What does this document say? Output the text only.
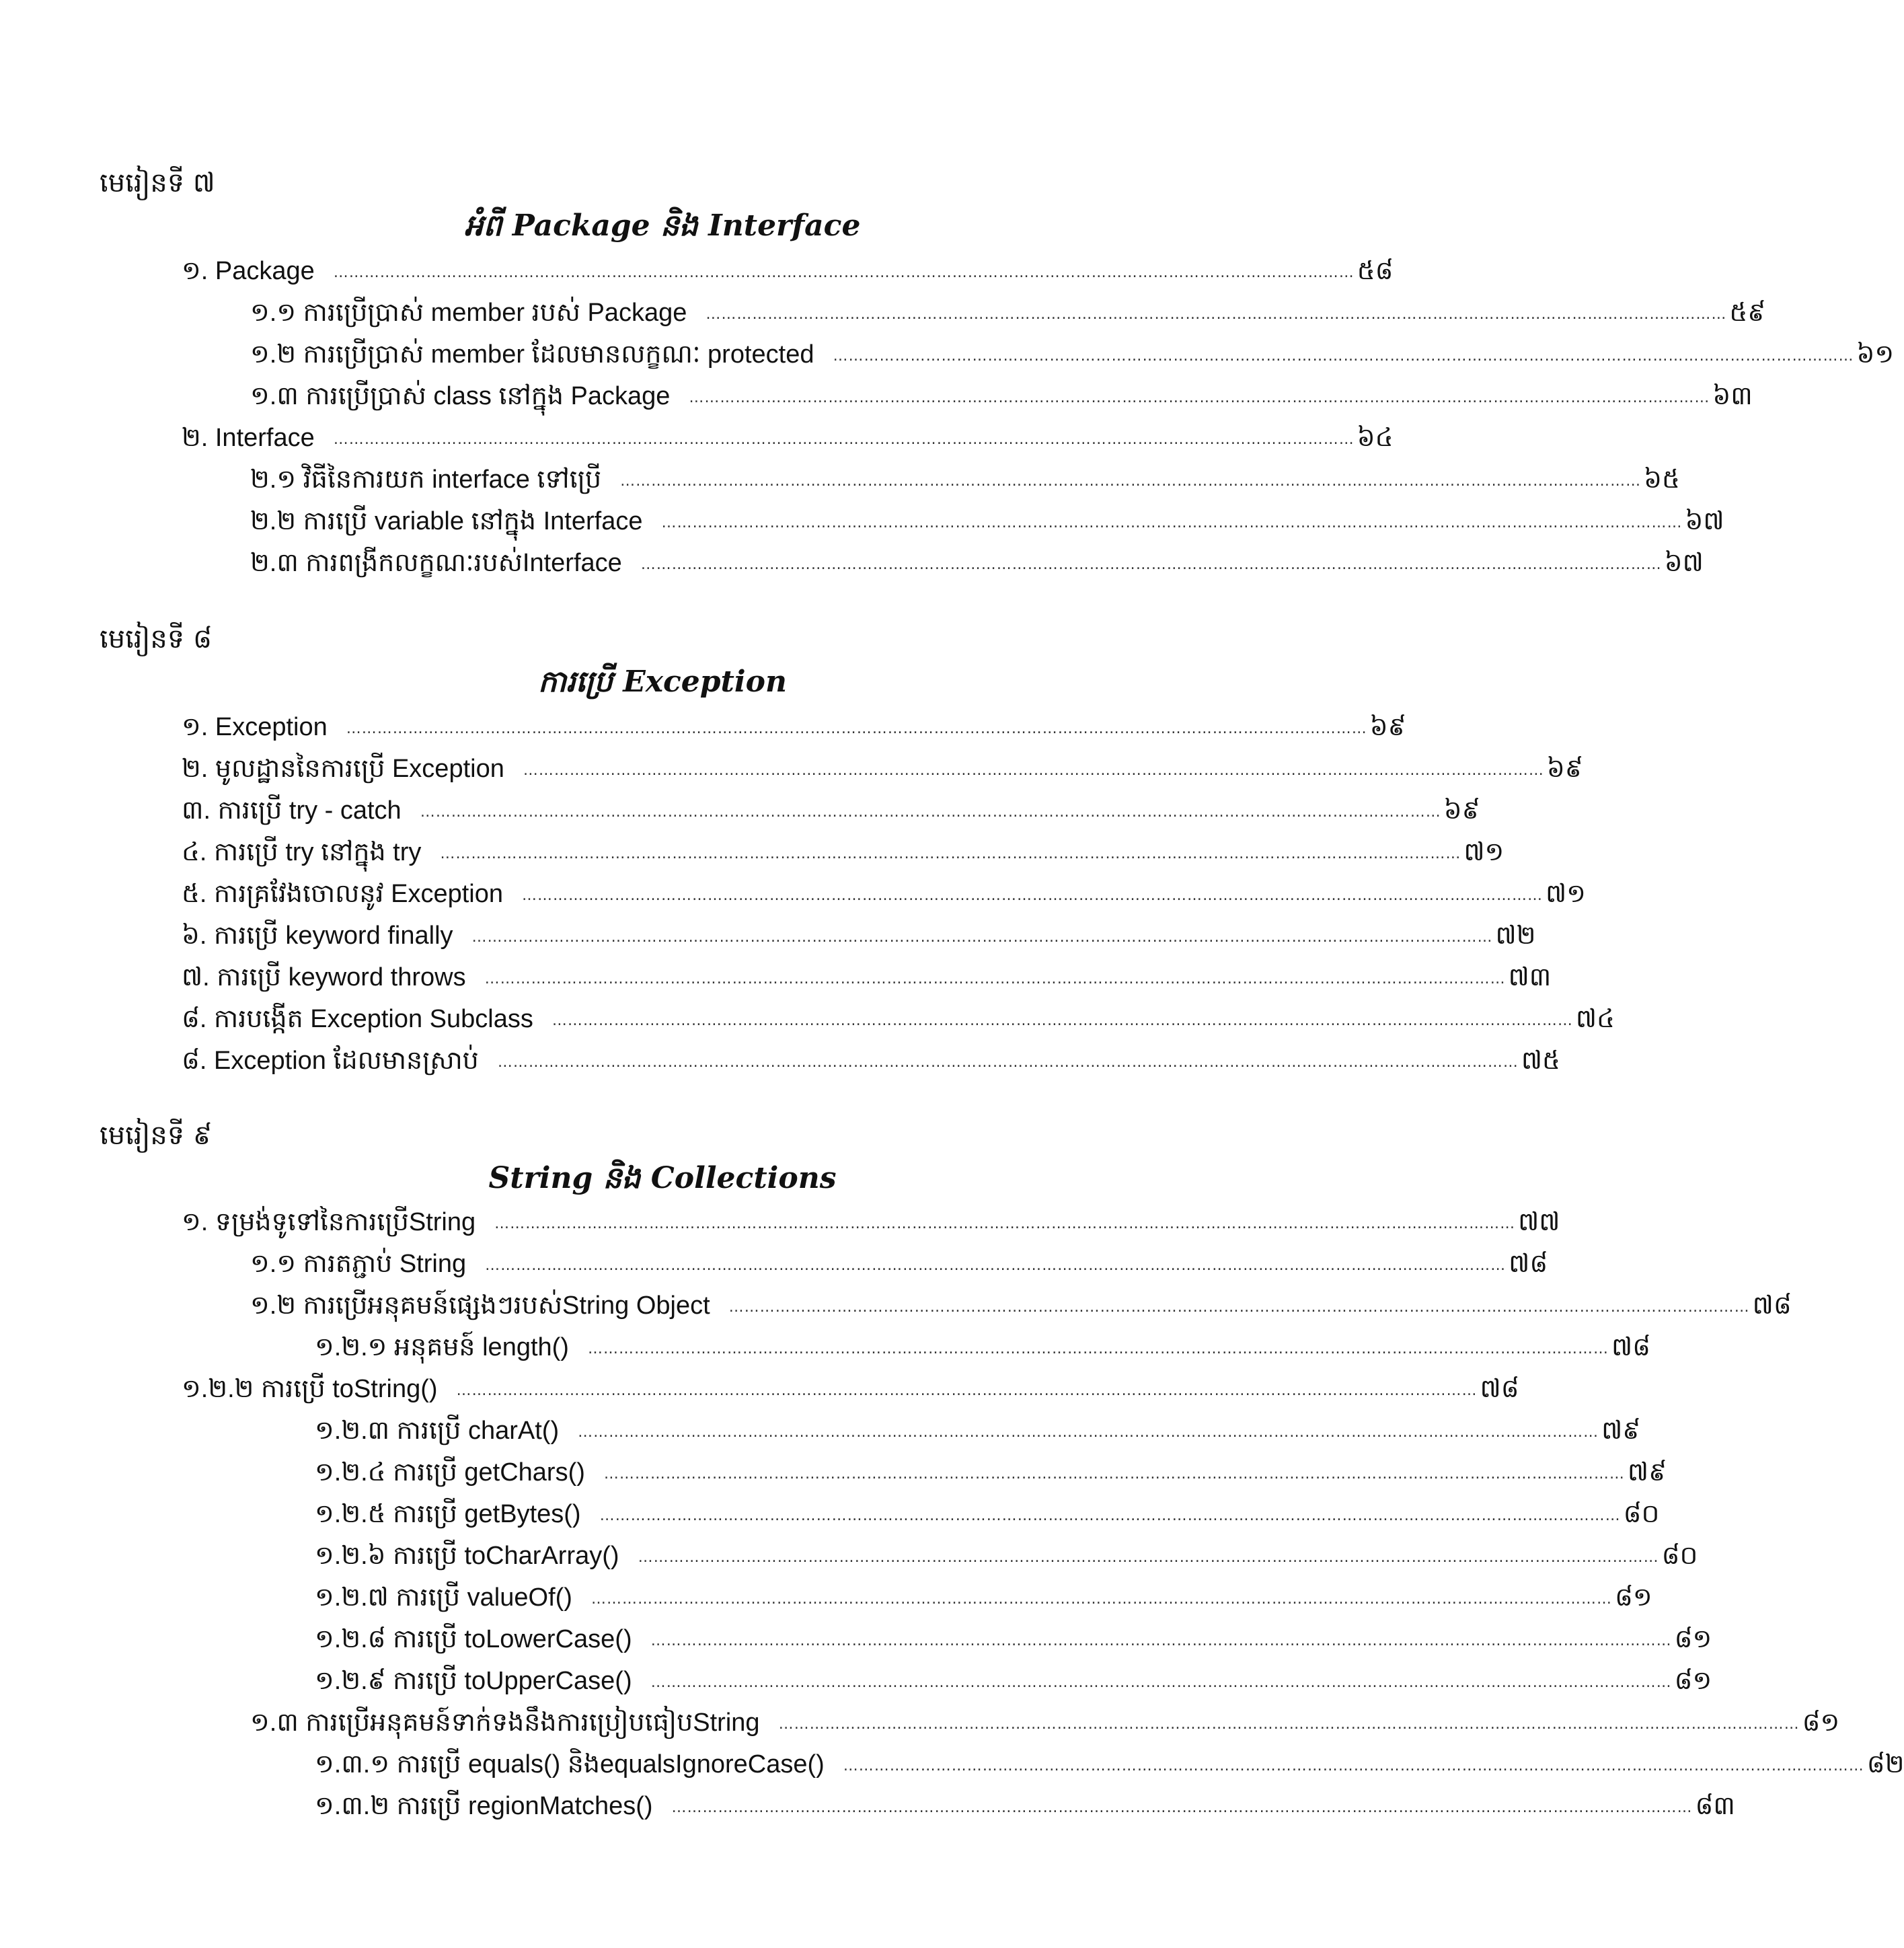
មេរៀនទី ៧
អំពី Package និង Interface
១. Package ……………………………………………………………………………………………………………………………………………………………………………… ៥៨
១.១ ការប្រើប្រាស់ member របស់ Package ……………………………………………………………………………………………………………………………………………………………………………… ៥៩
១.២ ការប្រើប្រាស់ member ដែលមានលក្ខណៈ protected ……………………………………………………………………………………………………………………………………………………………………………… ៦១
១.៣ ការប្រើប្រាស់ class នៅក្នុង Package ……………………………………………………………………………………………………………………………………………………………………………… ៦៣
២. Interface ……………………………………………………………………………………………………………………………………………………………………………… ៦៤
២.១ វិធីនៃការយក interface ទៅប្រើ ……………………………………………………………………………………………………………………………………………………………………………… ៦៥
២.២ ការប្រើ variable នៅក្នុង Interface ……………………………………………………………………………………………………………………………………………………………………………… ៦៧
២.៣ ការពង្រីកលក្ខណៈរបស់Interface ……………………………………………………………………………………………………………………………………………………………………………… ៦៧
មេរៀនទី ៨
ការប្រើ Exception
១. Exception ……………………………………………………………………………………………………………………………………………………………………………… ៦៩
២. មូលដ្ឋាននៃការប្រើ Exception ……………………………………………………………………………………………………………………………………………………………………………… ៦៩
៣. ការប្រើ try - catch ……………………………………………………………………………………………………………………………………………………………………………… ៦៩
៤. ការប្រើ try នៅក្នុង try ……………………………………………………………………………………………………………………………………………………………………………… ៧១
៥. ការគ្រវែងចោលនូវ Exception ……………………………………………………………………………………………………………………………………………………………………………… ៧១
៦. ការប្រើ keyword finally ……………………………………………………………………………………………………………………………………………………………………………… ៧២
៧. ការប្រើ keyword throws ……………………………………………………………………………………………………………………………………………………………………………… ៧៣
៨. ការបង្កើត Exception Subclass ……………………………………………………………………………………………………………………………………………………………………………… ៧៤
៨. Exception ដែលមានស្រាប់ ……………………………………………………………………………………………………………………………………………………………………………… ៧៥
មេរៀនទី ៩
String និង Collections
១. ទម្រង់ទូទៅនៃការប្រើString ……………………………………………………………………………………………………………………………………………………………………………… ៧៧
១.១ ការតភ្ជាប់ String ……………………………………………………………………………………………………………………………………………………………………………… ៧៨
១.២ ការប្រើអនុគមន៍ផ្សេងៗរបស់String Object ……………………………………………………………………………………………………………………………………………………………………………… ៧៨
១.២.១ អនុគមន៍ length() ……………………………………………………………………………………………………………………………………………………………………………… ៧៨
១.២.២ ការប្រើ toString() ……………………………………………………………………………………………………………………………………………………………………………… ៧៨
១.២.៣ ការប្រើ charAt() ……………………………………………………………………………………………………………………………………………………………………………… ៧៩
១.២.៤ ការប្រើ getChars() ……………………………………………………………………………………………………………………………………………………………………………… ៧៩
១.២.៥ ការប្រើ getBytes() ……………………………………………………………………………………………………………………………………………………………………………… ៨០
១.២.៦ ការប្រើ toCharArray() ……………………………………………………………………………………………………………………………………………………………………………… ៨០
១.២.៧ ការប្រើ valueOf() ……………………………………………………………………………………………………………………………………………………………………………… ៨១
១.២.៨ ការប្រើ toLowerCase() ……………………………………………………………………………………………………………………………………………………………………………… ៨១
១.២.៩ ការប្រើ toUpperCase() ……………………………………………………………………………………………………………………………………………………………………………… ៨១
១.៣ ការប្រើអនុគមន៍ទាក់ទងនឹងការប្រៀបធៀបString ……………………………………………………………………………………………………………………………………………………………………………… ៨១
១.៣.១ ការប្រើ equals() និងequalsIgnoreCase() ……………………………………………………………………………………………………………………………………………………………………………… ៨២
១.៣.២ ការប្រើ regionMatches() ……………………………………………………………………………………………………………………………………………………………………………… ៨៣
